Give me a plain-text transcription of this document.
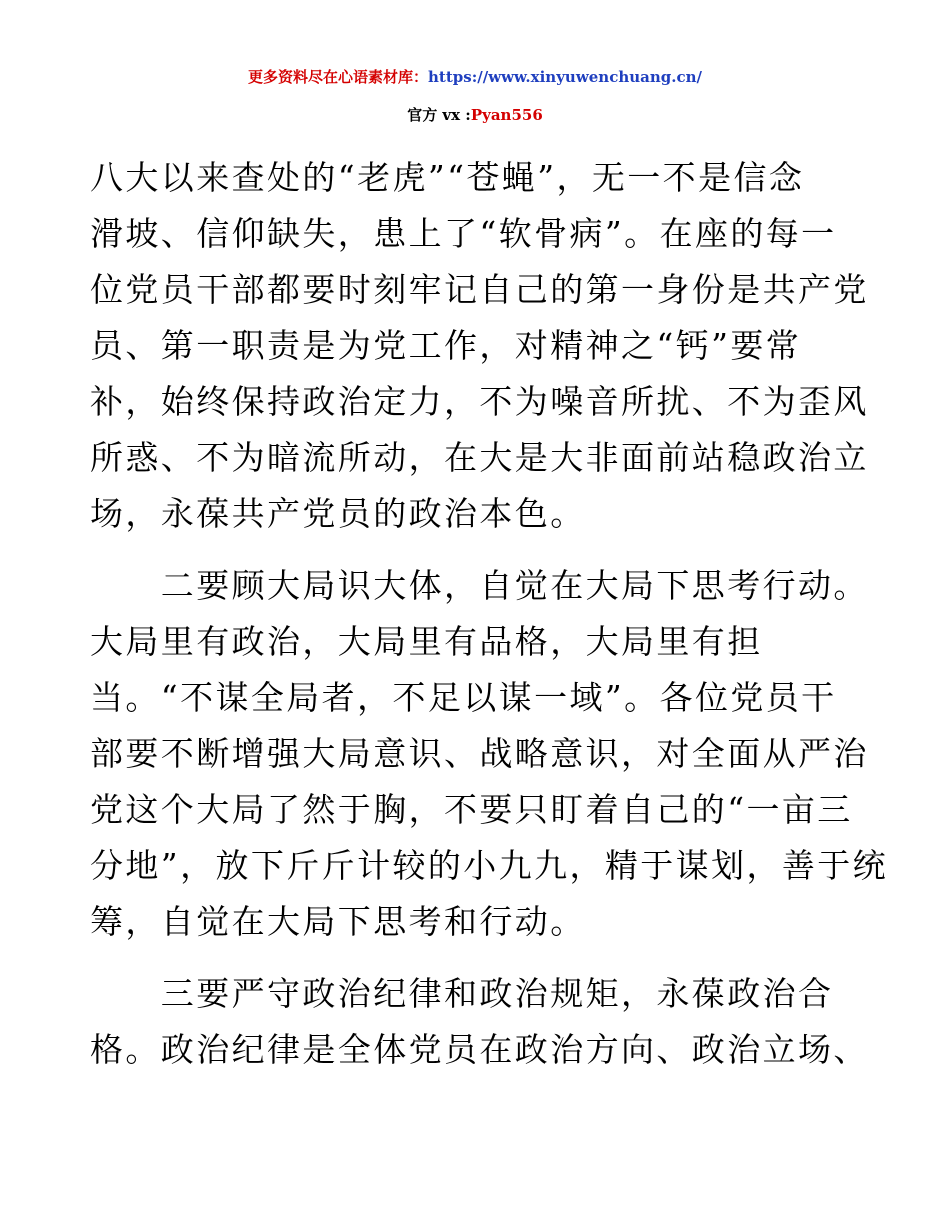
更多资料尽在心语素材库：https://www.xinyuwenchuang.cn/
官方 vx :Pyan556
八大以来查处的“老虎”“苍蝇”，无一不是信念
滑坡、信仰缺失，患上了“软骨病”。在座的每一
位党员干部都要时刻牢记自己的第一身份是共产党
员、第一职责是为党工作，对精神之“钙”要常
补，始终保持政治定力，不为噪音所扰、不为歪风
所惑、不为暗流所动，在大是大非面前站稳政治立
场，永葆共产党员的政治本色。
　　二要顾大局识大体，自觉在大局下思考行动。
大局里有政治，大局里有品格，大局里有担
当。“不谋全局者，不足以谋一域”。各位党员干
部要不断增强大局意识、战略意识，对全面从严治
党这个大局了然于胸，不要只盯着自己的“一亩三
分地”，放下斤斤计较的小九九，精于谋划，善于统
筹，自觉在大局下思考和行动。
　　三要严守政治纪律和政治规矩，永葆政治合
格。政治纪律是全体党员在政治方向、政治立场、
